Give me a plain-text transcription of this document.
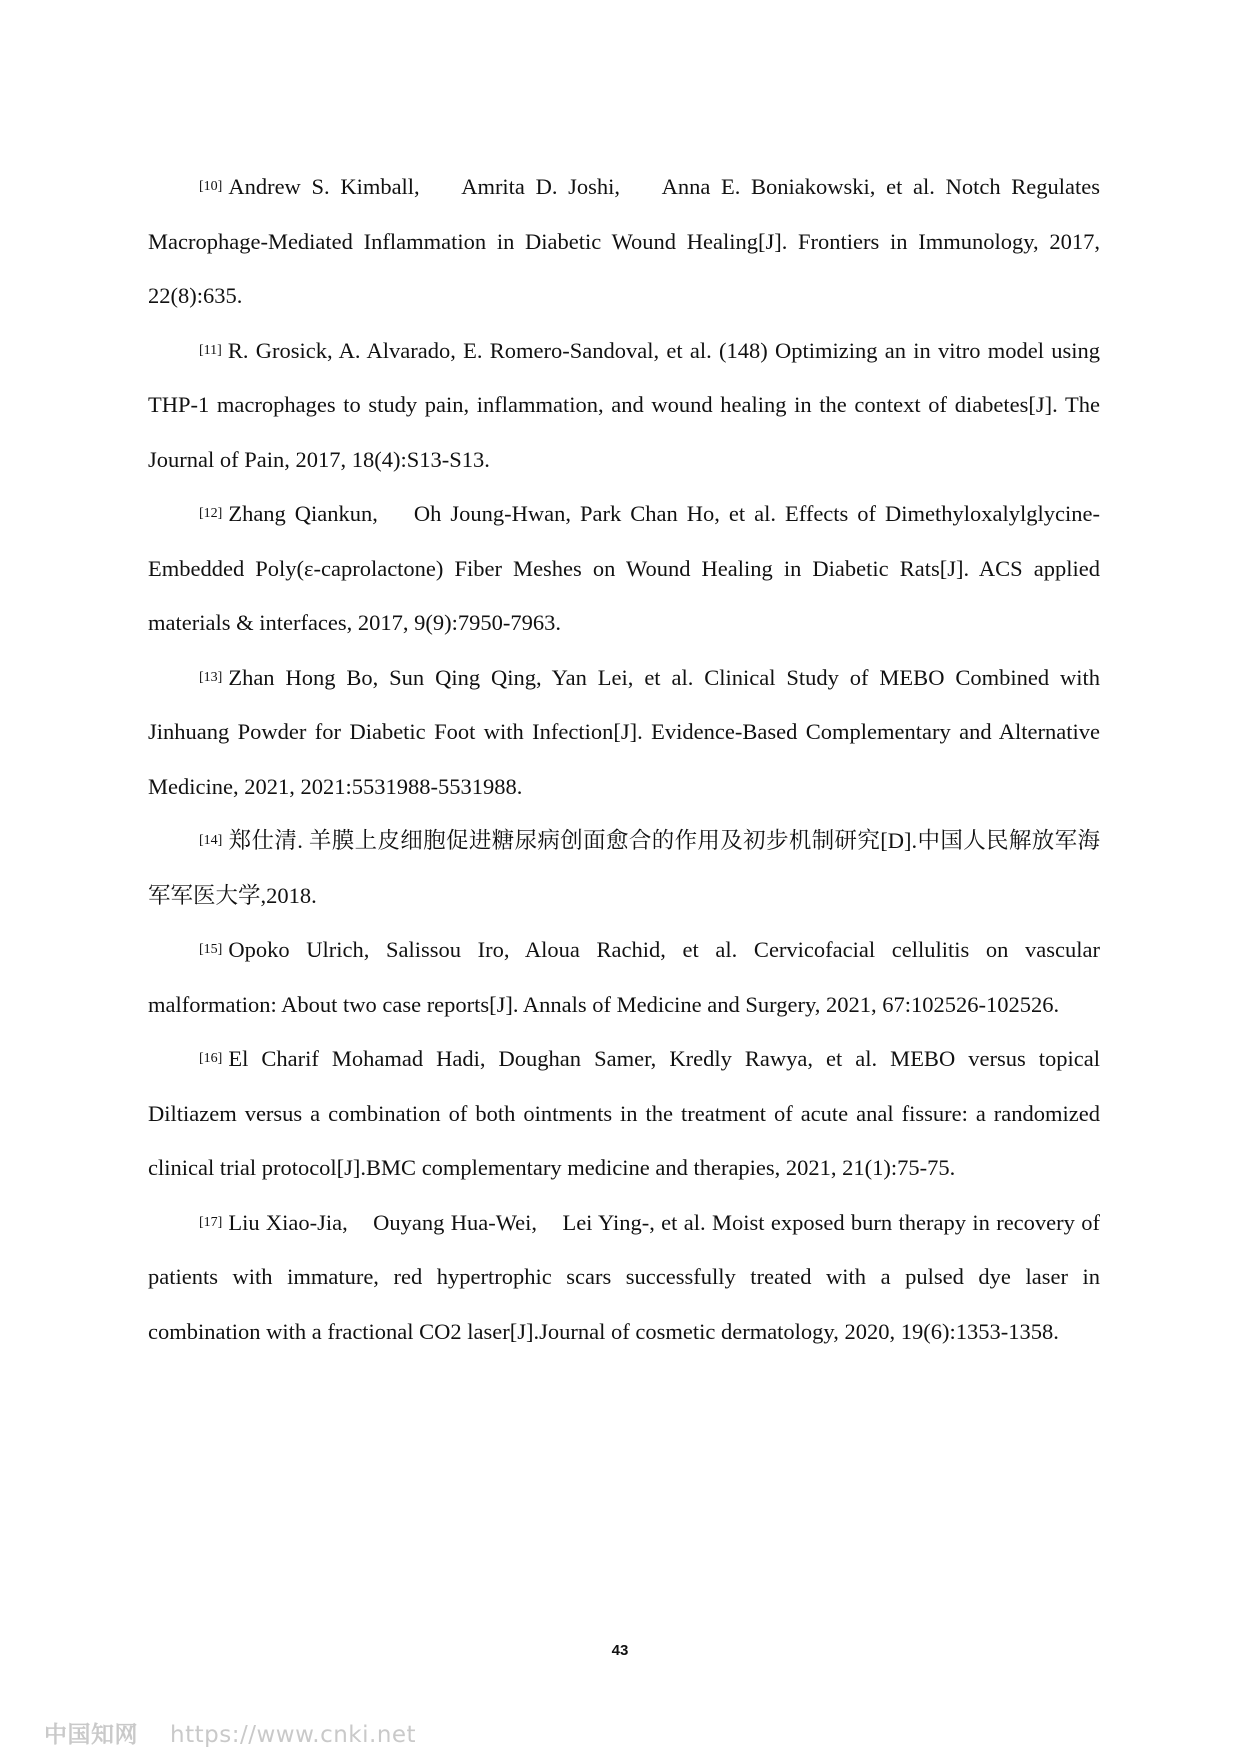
[10] Andrew S. Kimball,    Amrita D. Joshi,    Anna E. Boniakowski, et al. Notch Regulates Macrophage-Mediated Inflammation in Diabetic Wound Healing[J]. Frontiers in Immunology, 2017, 22(8):635.

[11] R. Grosick, A. Alvarado, E. Romero-Sandoval, et al. (148) Optimizing an in vitro model using THP-1 macrophages to study pain, inflammation, and wound healing in the context of diabetes[J]. The Journal of Pain, 2017, 18(4):S13-S13.

[12] Zhang Qiankun,    Oh Joung-Hwan, Park Chan Ho, et al. Effects of Dimethyloxalylglycine-Embedded Poly(ε-caprolactone) Fiber Meshes on Wound Healing in Diabetic Rats[J]. ACS applied materials & interfaces, 2017, 9(9):7950-7963.

[13] Zhan Hong Bo, Sun Qing Qing, Yan Lei, et al. Clinical Study of MEBO Combined with Jinhuang Powder for Diabetic Foot with Infection[J]. Evidence-Based Complementary and Alternative Medicine, 2021, 2021:5531988-5531988.

[14] 郑仕清. 羊膜上皮细胞促进糖尿病创面愈合的作用及初步机制研究[D].中国人民解放军海军军医大学,2018.

[15] Opoko Ulrich, Salissou Iro, Aloua Rachid, et al. Cervicofacial cellulitis on vascular malformation: About two case reports[J]. Annals of Medicine and Surgery, 2021, 67:102526-102526.

[16] El Charif Mohamad Hadi, Doughan Samer, Kredly Rawya, et al. MEBO versus topical Diltiazem versus a combination of both ointments in the treatment of acute anal fissure: a randomized clinical trial protocol[J].BMC complementary medicine and therapies, 2021, 21(1):75-75.

[17] Liu Xiao-Jia,    Ouyang Hua-Wei,    Lei Ying-, et al. Moist exposed burn therapy in recovery of patients with immature, red hypertrophic scars successfully treated with a pulsed dye laser in combination with a fractional CO2 laser[J].Journal of cosmetic dermatology, 2020, 19(6):1353-1358.

43
中国知网 https://www.cnki.net
